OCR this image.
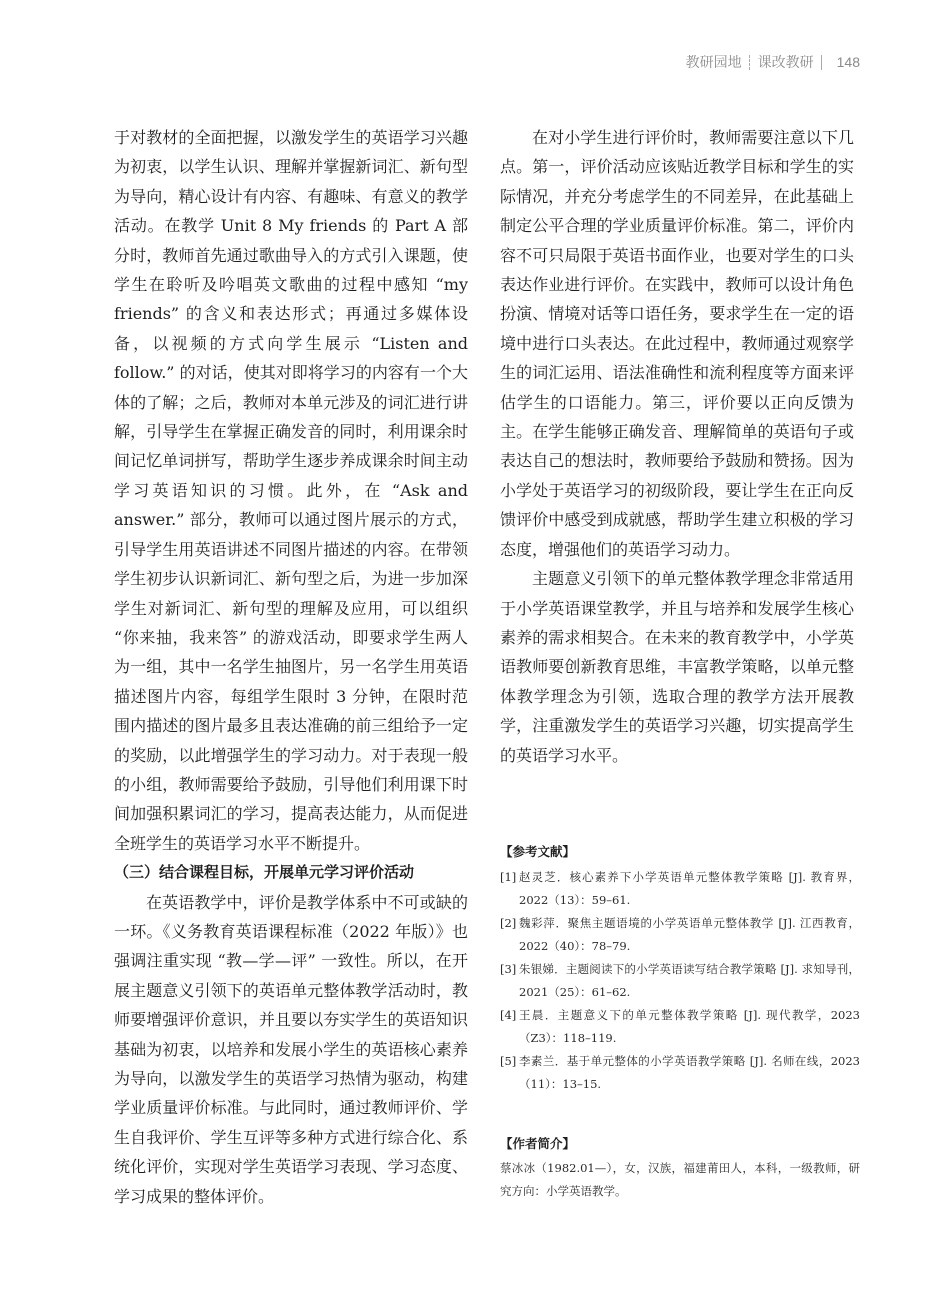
教研园地 课改教研 148

于对教材的全面把握，以激发学生的英语学习兴趣为初衷，以学生认识、理解并掌握新词汇、新句型为导向，精心设计有内容、有趣味、有意义的教学活动。在教学 Unit 8 My friends 的 Part A 部分时，教师首先通过歌曲导入的方式引入课题，使学生在聆听及吟唱英文歌曲的过程中感知 “my friends” 的含义和表达形式；再通过多媒体设备，以视频的方式向学生展示 “Listen and follow.” 的对话，使其对即将学习的内容有一个大体的了解；之后，教师对本单元涉及的词汇进行讲解，引导学生在掌握正确发音的同时，利用课余时间记忆单词拼写，帮助学生逐步养成课余时间主动学习英语知识的习惯。此外，在 “Ask and answer.” 部分，教师可以通过图片展示的方式，引导学生用英语讲述不同图片描述的内容。在带领学生初步认识新词汇、新句型之后，为进一步加深学生对新词汇、新句型的理解及应用，可以组织 “你来抽，我来答” 的游戏活动，即要求学生两人为一组，其中一名学生抽图片，另一名学生用英语描述图片内容，每组学生限时 3 分钟，在限时范围内描述的图片最多且表达准确的前三组给予一定的奖励，以此增强学生的学习动力。对于表现一般的小组，教师需要给予鼓励，引导他们利用课下时间加强积累词汇的学习，提高表达能力，从而促进全班学生的英语学习水平不断提升。

（三）结合课程目标，开展单元学习评价活动

在英语教学中，评价是教学体系中不可或缺的一环。《义务教育英语课程标准（2022 年版）》也强调注重实现 “教—学—评” 一致性。所以，在开展主题意义引领下的英语单元整体教学活动时，教师要增强评价意识，并且要以夯实学生的英语知识基础为初衷，以培养和发展小学生的英语核心素养为导向，以激发学生的英语学习热情为驱动，构建学业质量评价标准。与此同时，通过教师评价、学生自我评价、学生互评等多种方式进行综合化、系统化评价，实现对学生英语学习表现、学习态度、学习成果的整体评价。

在对小学生进行评价时，教师需要注意以下几点。第一，评价活动应该贴近教学目标和学生的实际情况，并充分考虑学生的不同差异，在此基础上制定公平合理的学业质量评价标准。第二，评价内容不可只局限于英语书面作业，也要对学生的口头表达作业进行评价。在实践中，教师可以设计角色扮演、情境对话等口语任务，要求学生在一定的语境中进行口头表达。在此过程中，教师通过观察学生的词汇运用、语法准确性和流利程度等方面来评估学生的口语能力。第三，评价要以正向反馈为主。在学生能够正确发音、理解简单的英语句子或表达自己的想法时，教师要给予鼓励和赞扬。因为小学处于英语学习的初级阶段，要让学生在正向反馈评价中感受到成就感，帮助学生建立积极的学习态度，增强他们的英语学习动力。

主题意义引领下的单元整体教学理念非常适用于小学英语课堂教学，并且与培养和发展学生核心素养的需求相契合。在未来的教育教学中，小学英语教师要创新教育思维，丰富教学策略，以单元整体教学理念为引领，选取合理的教学方法开展教学，注重激发学生的英语学习兴趣，切实提高学生的英语学习水平。

【参考文献】

[1] 赵灵芝．核心素养下小学英语单元整体教学策略 [J]. 教育界，2022（13）：59–61.
[2] 魏彩萍．聚焦主题语境的小学英语单元整体教学 [J]. 江西教育，2022（40）：78–79.
[3] 朱银娣．主题阅读下的小学英语读写结合教学策略 [J]. 求知导刊，2021（25）：61–62.
[4] 王晨．主题意义下的单元整体教学策略 [J]. 现代教学，2023（Z3）：118–119.
[5] 李素兰．基于单元整体的小学英语教学策略 [J]. 名师在线，2023（11）：13–15.

【作者简介】

蔡冰冰（1982.01—），女，汉族，福建莆田人，本科，一级教师，研究方向：小学英语教学。
